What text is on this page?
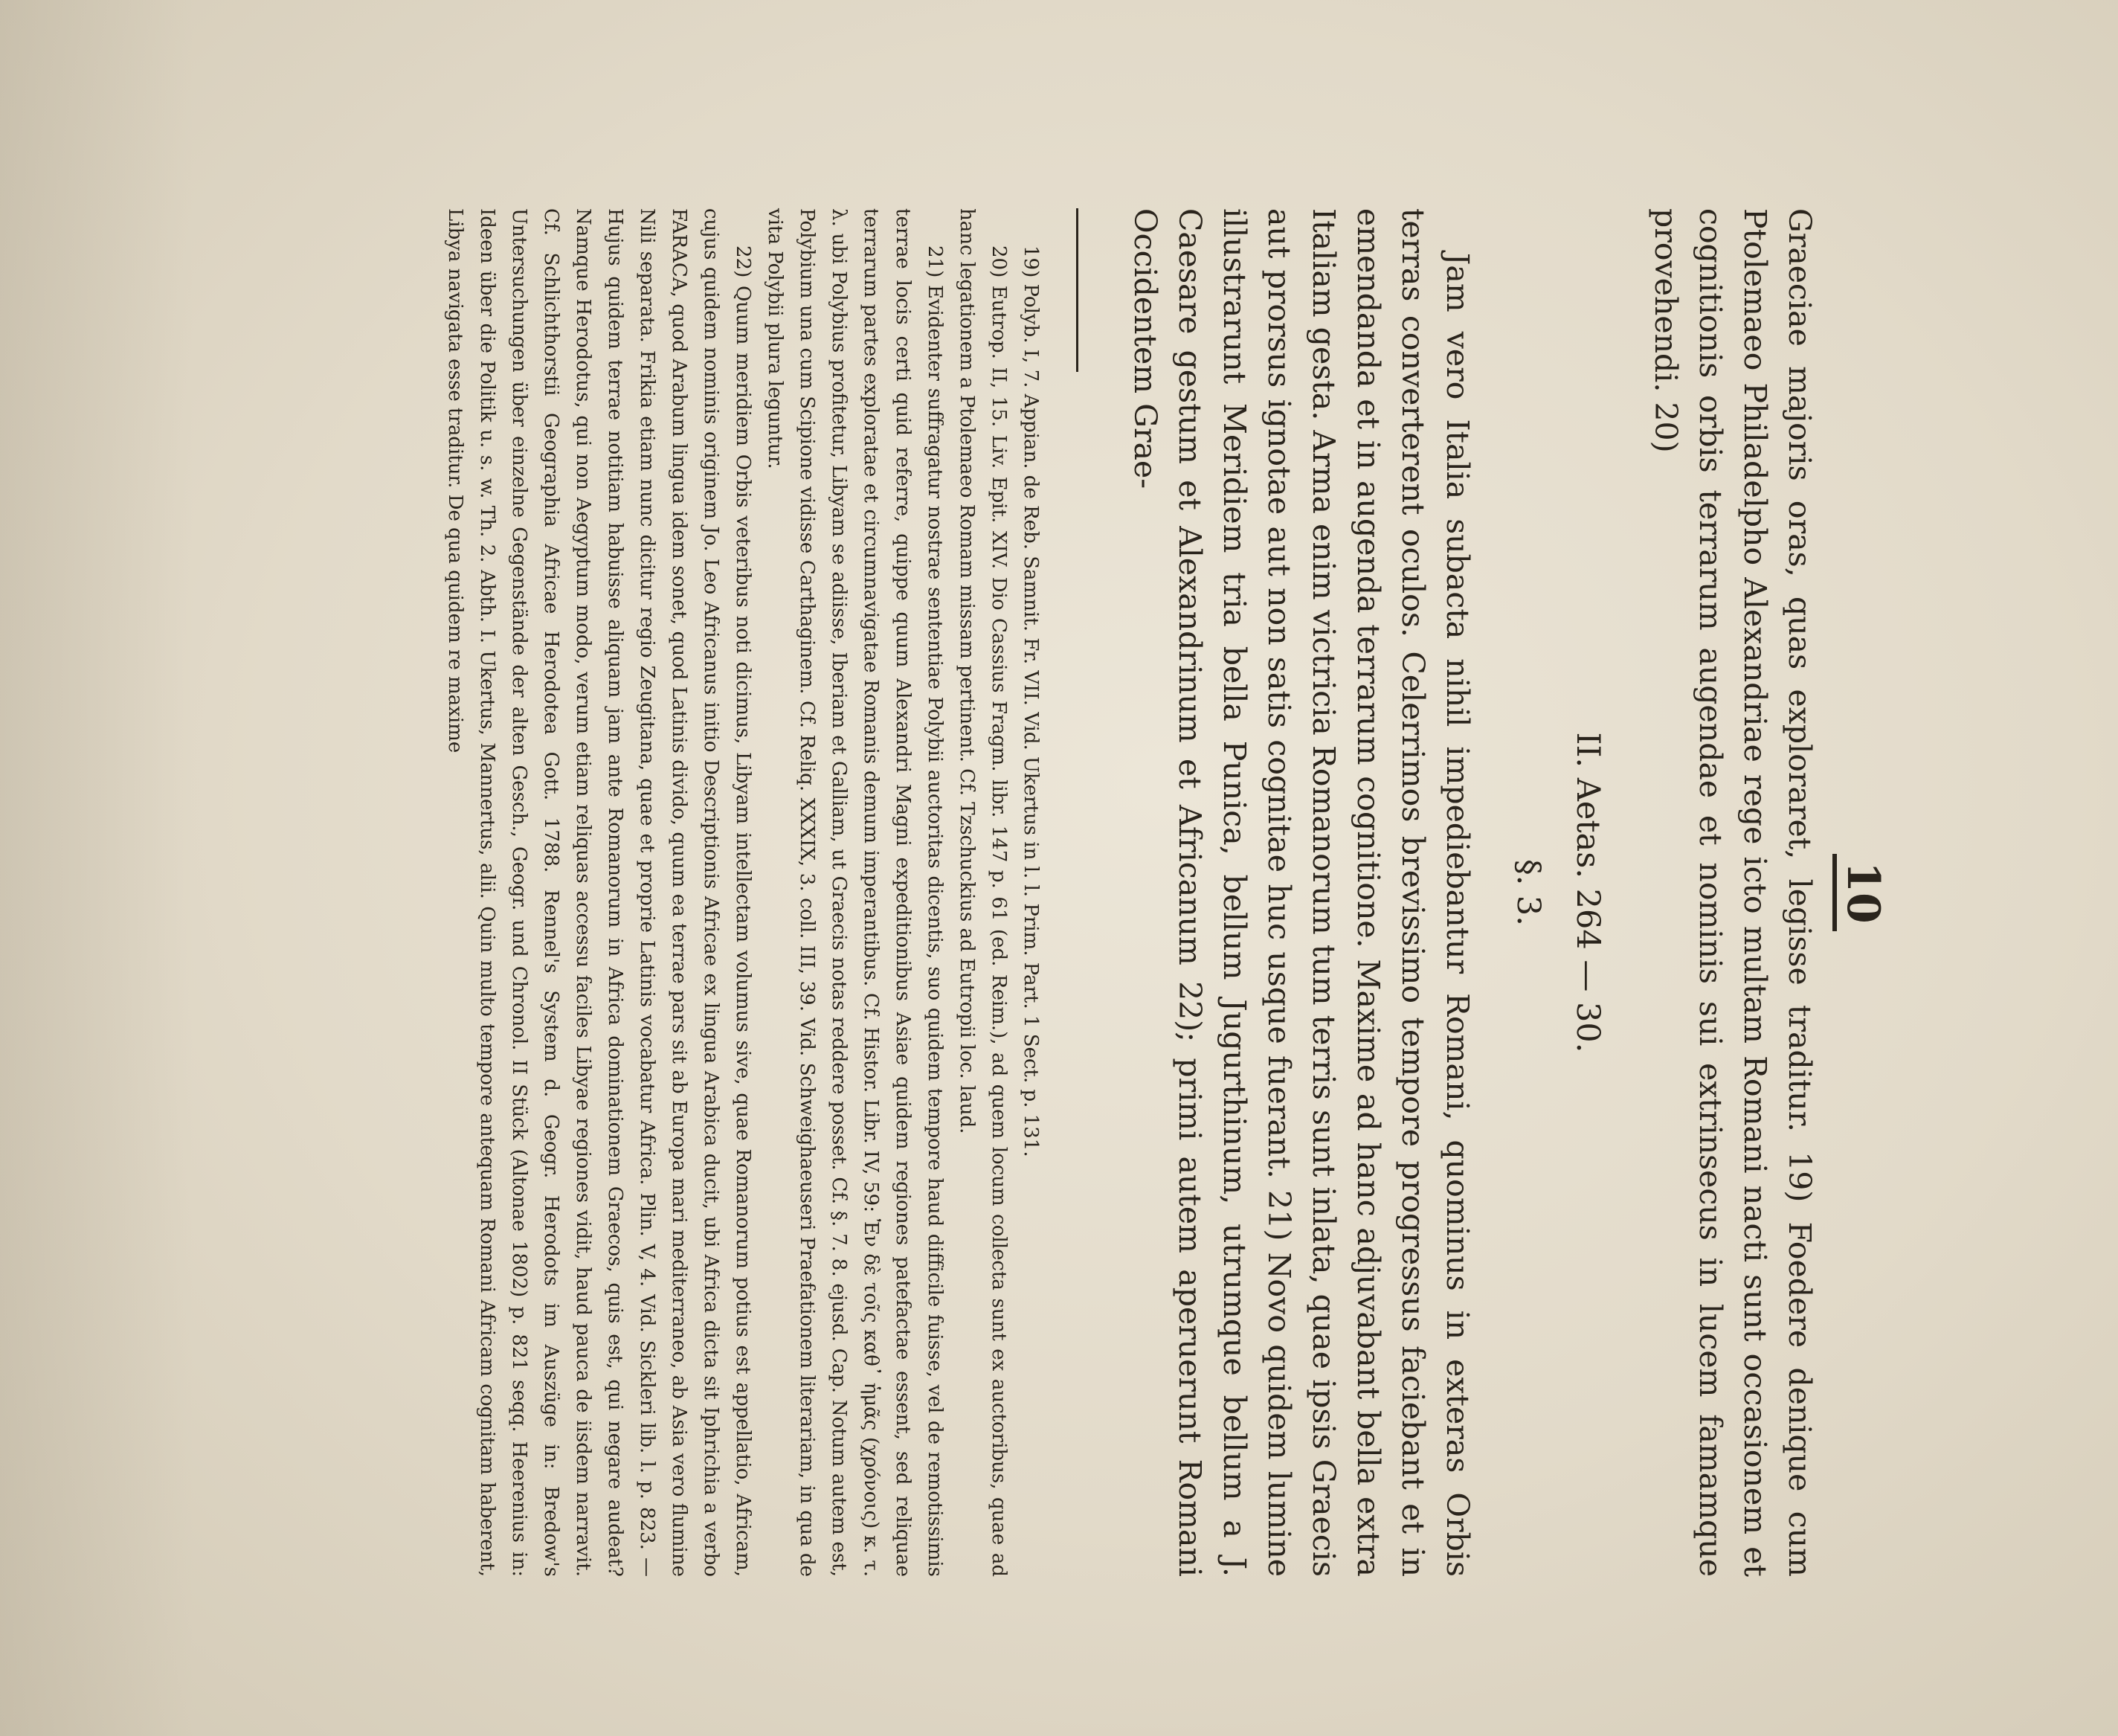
10

Graeciae majoris oras, quas exploraret, legisse traditur. 19) Foedere denique cum Ptolemaeo Philadelpho Alexandriae rege icto multam Romani nacti sunt occasionem et cognitionis orbis terrarum augendae et nominis sui extrinsecus in lucem famamque provehendi. 20)

II. Aetas. 264 — 30.
§. 3.

Jam vero Italia subacta nihil impediebantur Romani, quominus in exteras Orbis terras converterent oculos. Celerrimos brevissimo tempore progressus faciebant et in emendanda et in augenda terrarum cognitione. Maxime ad hanc adjuvabant bella extra Italiam gesta. Arma enim victricia Romanorum tum terris sunt inlata, quae ipsis Graecis aut prorsus ignotae aut non satis cognitae huc usque fuerant. 21) Novo quidem lumine illustrarunt Meridiem tria bella Punica, bellum Jugurthinum, utrumque bellum a J. Caesare gestum et Alexandrinum et Africanum 22); primi autem aperuerunt Romani Occidentem Grae-

19) Polyb. I, 7. Appian. de Reb. Samnit. Fr. VII. Vid. Ukertus in l. l. Prim. Part. 1 Sect. p. 131.

20) Eutrop. II, 15. Liv. Epit. XIV. Dio Cassius Fragm. libr. 147 p. 61 (ed. Reim.), ad quem locum collecta sunt ex auctoribus, quae ad hanc legationem a Ptolemaeo Romam missam pertinent. Cf. Tzschuckius ad Eutropii loc. laud.

21) Evidenter suffragatur nostrae sententiae Polybii auctoritas dicentis, suo quidem tempore haud difficile fuisse, vel de remotissimis terrae locis certi quid referre, quippe quum Alexandri Magni expeditionibus Asiae quidem regiones patefactae essent, sed reliquae terrarum partes exploratae et circumnavigatae Romanis demum imperantibus. Cf. Histor. Libr. IV, 59: Ἐν δὲ τοῖς καθ᾽ ἡμᾶς (χρόνοις) κ. τ. λ. ubi Polybius profitetur, Libyam se adiisse, Iberiam et Galliam, ut Graecis notas reddere posset. Cf. §. 7. 8. ejusd. Cap. Notum autem est, Polybium una cum Scipione vidisse Carthaginem. Cf. Reliq. XXXIX, 3. coll. III, 39. Vid. Schweighaeuseri Praefationem literariam, in qua de vita Polybii plura leguntur.

22) Quum meridiem Orbis veteribus noti dicimus, Libyam intellectam volumus sive, quae Romanorum potius est appellatio, Africam, cujus quidem nominis originem Jo. Leo Africanus initio Descriptionis Africae ex lingua Arabica ducit, ubi Africa dicta sit Iphrichia a verbo FARACA, quod Arabum lingua idem sonet, quod Latinis divido, quum ea terrae pars sit ab Europa mari mediterraneo, ab Asia vero flumine Nili separata. Frikia etiam nunc dicitur regio Zeugitana, quae et proprie Latinis vocabatur Africa. Plin. V, 4. Vid. Sickleri lib. l. p. 823. — Hujus quidem terrae notitiam habuisse aliquam jam ante Romanorum in Africa dominationem Graecos, quis est, qui negare audeat? Namque Herodotus, qui non Aegyptum modo, verum etiam reliquas accessu faciles Libyae regiones vidit, haud pauca de iisdem narravit. Cf. Schlichthorstii Geographia Africae Herodotea Gott. 1788. Rennel's System d. Geogr. Herodots im Auszüge in: Bredow's Untersuchungen über einzelne Gegenstände der alten Gesch., Geogr. und Chronol. II Stück (Altonae 1802) p. 821 seqq. Heerenius in: Ideen über die Politik u. s. w. Th. 2. Abth. I. Ukertus, Mannertus, alii. Quin multo tempore antequam Romani Africam cognitam haberent, Libya navigata esse traditur. De qua quidem re maxime
